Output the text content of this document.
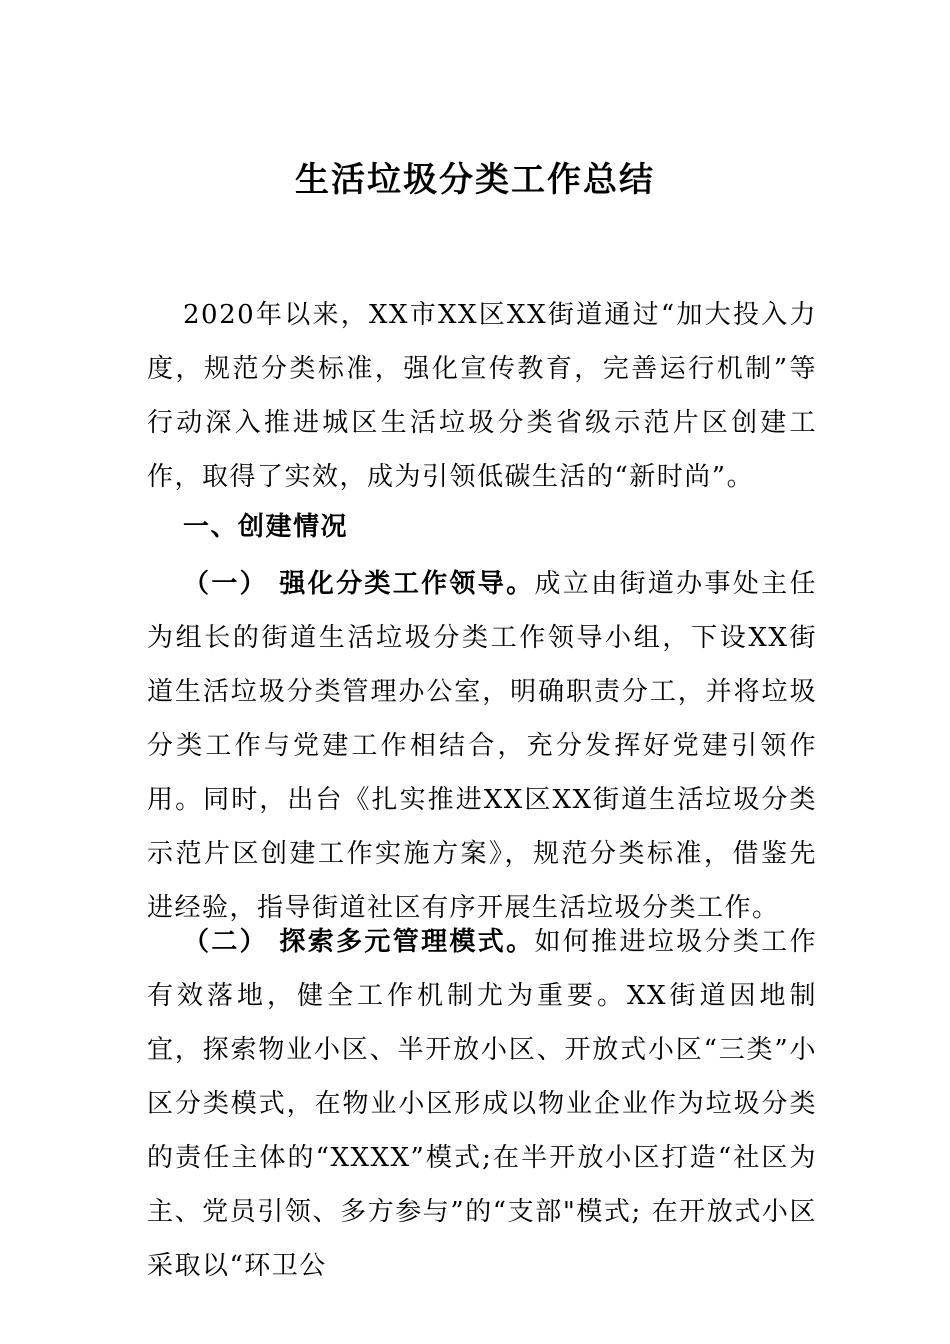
生活垃圾分类工作总结

2020年以来，XX市XX区XX街道通过“加大投入力度，规范分类标准，强化宣传教育，完善运行机制”等行动深入推进城区生活垃圾分类省级示范片区创建工作，取得了实效，成为引领低碳生活的“新时尚”。

一、创建情况

（一） 强化分类工作领导。成立由街道办事处主任为组长的街道生活垃圾分类工作领导小组，下设XX街道生活垃圾分类管理办公室，明确职责分工，并将垃圾分类工作与党建工作相结合，充分发挥好党建引领作用。同时，出台《扎实推进XX区XX街道生活垃圾分类示范片区创建工作实施方案》，规范分类标准，借鉴先进经验，指导街道社区有序开展生活垃圾分类工作。

（二） 探索多元管理模式。如何推进垃圾分类工作有效落地，健全工作机制尤为重要。XX街道因地制宜，探索物业小区、半开放小区、开放式小区“三类”小区分类模式，在物业小区形成以物业企业作为垃圾分类的责任主体的“XXXX”模式;在半开放小区打造“社区为主、党员引领、多方参与”的“支部"模式; 在开放式小区采取以“环卫公
